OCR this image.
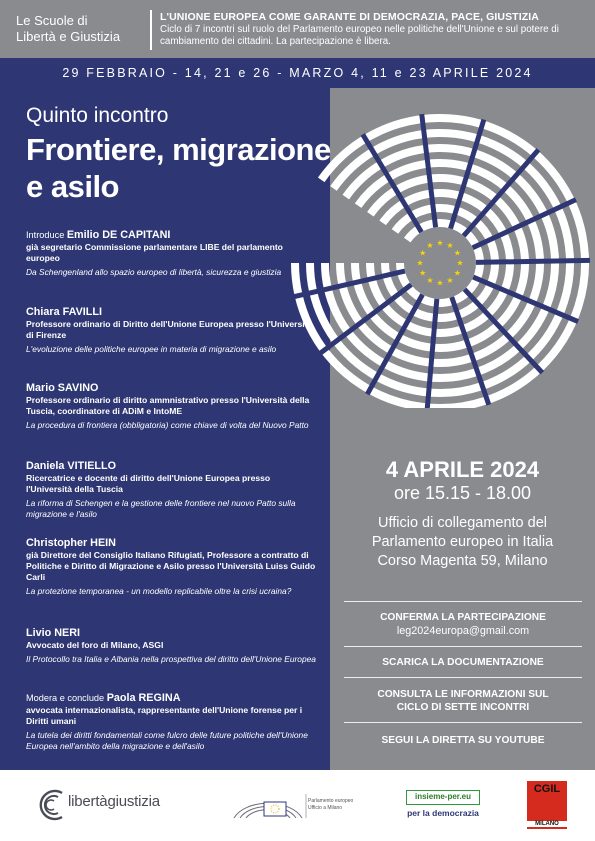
Le Scuole di
Libertà e Giustizia
L'UNIONE EUROPEA COME GARANTE DI DEMOCRAZIA, PACE, GIUSTIZIA
Ciclo di 7 incontri sul ruolo del Parlamento europeo nelle politiche dell'Unione e sul potere di cambiamento dei cittadini. La partecipazione è libera.
29 FEBBRAIO - 14, 21 e 26 - MARZO 4, 11 e 23 APRILE 2024
★ ★
★
★
★
★
★
★
★
★
★
★
Quinto incontro
Frontiere, migrazione
e asilo
Introduce Emilio DE CAPITANI
già segretario Commissione parlamentare LIBE del parlamento europeo
Da Schengenland allo spazio europeo di libertà, sicurezza e giustizia
Chiara FAVILLI
Professore ordinario di Diritto dell'Unione Europea presso l'Università di Firenze
L'evoluzione delle politiche europee in materia di migrazione e asilo
Mario SAVINO
Professore ordinario di diritto ammnistrativo presso l'Università della Tuscia, coordinatore di ADiM e IntoME
La procedura di frontiera (obbligatoria) come chiave di volta del Nuovo Patto
Daniela VITIELLO
Ricercatrice e docente di diritto dell'Unione Europea presso l'Università della Tuscia
La riforma di Schengen e la gestione delle frontiere nel nuovo Patto sulla migrazione e l'asilo
Christopher HEIN
già Direttore del Consiglio Italiano Rifugiati, Professore a contratto di Politiche e Diritto di Migrazione e Asilo presso l'Università Luiss Guido Carli
La protezione temporanea - un modello replicabile oltre la crisi ucraina?
Livio NERI
Avvocato del foro di Milano, ASGI
Il Protocollo tra Italia e Albania nella prospettiva del diritto dell'Unione Europea
Modera e conclude Paola REGINA
avvocata internazionalista, rappresentante dell'Unione forense per i Diritti umani
La tutela dei diritti fondamentali come fulcro delle future politiche dell'Unione Europea nell'ambito della migrazione e dell'asilo
4 APRILE 2024
ore 15.15 - 18.00
Ufficio di collegamento del
Parlamento europeo in Italia
Corso Magenta 59, Milano
CONFERMA LA PARTECIPAZIONE
leg2024europa@gmail.com
SCARICA LA DOCUMENTAZIONE
CONSULTA LE INFORMAZIONI SUL
CICLO DI SETTE INCONTRI
SEGUI LA DIRETTA SU YOUTUBE
libertàgiustizia	Parlamento europeo
Ufficio a Milano
insieme-per.eu
per la democrazia
CGIL
MILANO
